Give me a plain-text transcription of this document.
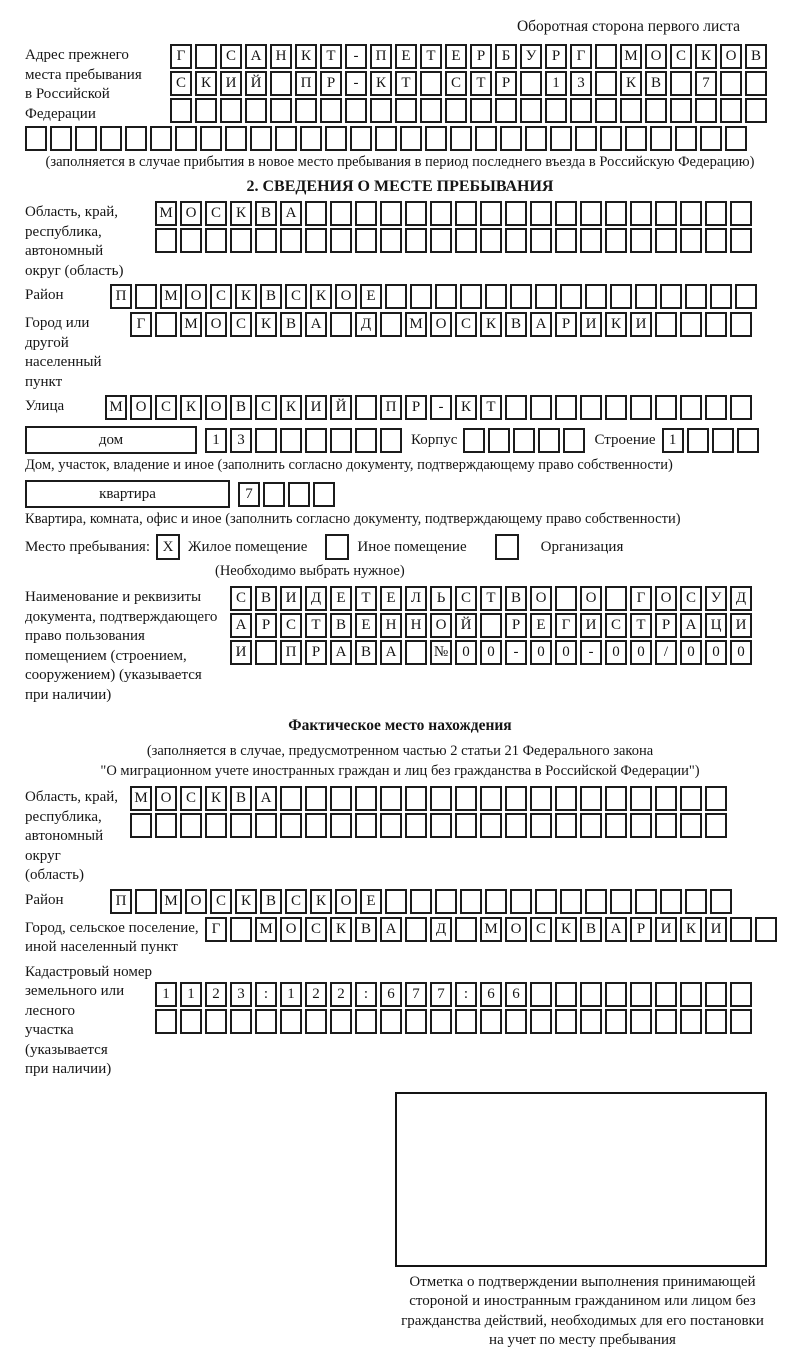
Оборотная сторона первого листа
Адрес прежнего
места пребывания
в Российской
Федерации
Г	С А Н К	Т	-	П Е	Т	Е	Р	Б	У	Р	Г	М О С К О В
С К И Й	П	Р	-	К	Т	С	Т	Р	1	3	К В	7
(заполняется в случае прибытия в новое место пребывания в период последнего въезда в Российскую Федерацию)
2. СВЕДЕНИЯ О МЕСТЕ ПРЕБЫВАНИЯ
Область, край,
республика,
автономный
округ (область)
М О С К В А
Район	П	М О С К В С К О Е
Город или другой
населенный пункт
Г	М О С К В А	Д	М О С К В А	Р	И К И
Улица	М О С К О В С К И Й	П	Р	-	К	Т
дом	1	3	Корпус	Строение 1
Дом, участок, владение и иное (заполнить согласно документу, подтверждающему право собственности)
квартира	7
Квартира, комната, офис и иное (заполнить согласно документу, подтверждающему право собственности)
Место пребывания: X Жилое помещение	Иное помещение	Организация
(Необходимо выбрать нужное)
Наименование и реквизиты
документа, подтверждающего
право пользования
помещением (строением,
сооружением) (указывается
при наличии)
С В И Д	Е	Т	Е	Л	Ь	С	Т	В О	О	Г	О С У Д
А	Р	С	Т	В	Е	Н Н О Й	Р	Е	Г	И С	Т	Р	А Ц И
И	П	Р	А В А	№ 0	0	-	0	0	-	0	0	/	0	0	0
Фактическое место нахождения
(заполняется в случае, предусмотренном частью 2 статьи 21 Федерального закона
"О миграционном учете иностранных граждан и лиц без гражданства в Российской Федерации")
Область, край,
республика,
автономный округ
(область)
М О С К В А
Район	П	М О С К В С К О Е
Город, сельское поселение,
иной населенный пункт
Г	М О С К В А	Д	М О С К В А	Р	И К И
Кадастровый номер
земельного или лесного
участка (указывается
при наличии)
1	1	2	3	:	1	2	2	:	6	7	7	:	6	6
Отметка о подтверждении выполнения принимающей
стороной и иностранным гражданином или лицом без
гражданства действий, необходимых для его постановки
на учет по месту пребывания
